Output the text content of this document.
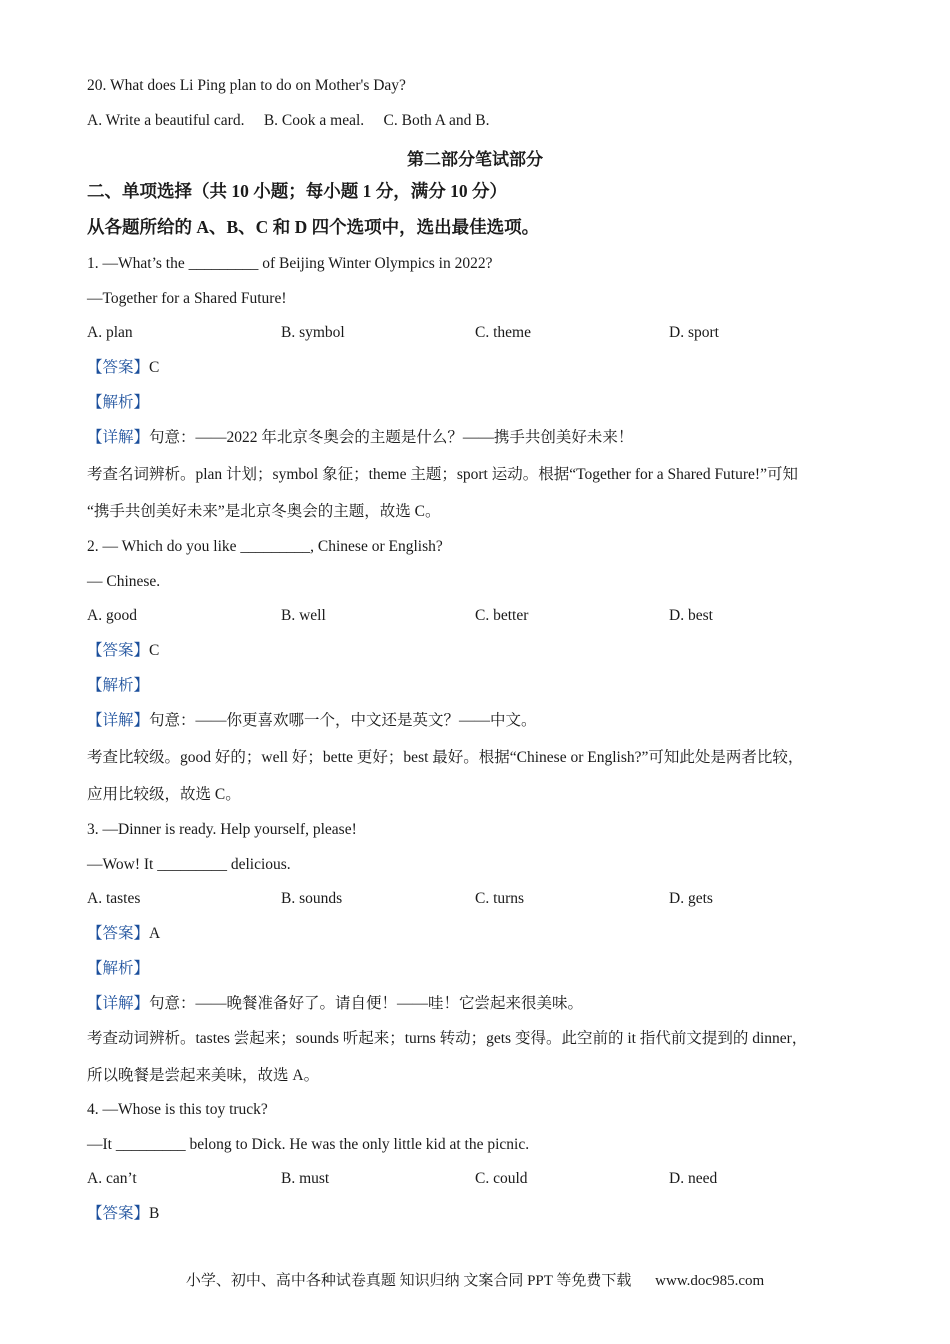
20. What does Li Ping plan to do on Mother's Day?
A. Write a beautiful card.     B. Cook a meal.     C. Both A and B.
第二部分笔试部分
二、单项选择（共 10 小题；每小题 1 分，满分 10 分）
从各题所给的 A、B、C 和 D 四个选项中，选出最佳选项。
1. —What’s the _________ of Beijing Winter Olympics in 2022?
—Together for a Shared Future!
A. plan	B. symbol	C. theme	D. sport
【答案】C
【解析】
【详解】句意：——2022 年北京冬奥会的主题是什么？——携手共创美好未来！
考查名词辨析。plan 计划；symbol 象征；theme 主题；sport 运动。根据“Together for a Shared Future!”可知
“携手共创美好未来”是北京冬奥会的主题，故选 C。
2. — Which do you like _________, Chinese or English?
— Chinese.
A. good	B. well	C. better	D. best
【答案】C
【解析】
【详解】句意：——你更喜欢哪一个，中文还是英文？——中文。
考查比较级。good 好的；well 好；bette 更好；best 最好。根据“Chinese or English?”可知此处是两者比较，
应用比较级，故选 C。
3. —Dinner is ready. Help yourself, please!
—Wow! It _________ delicious.
A. tastes	B. sounds	C. turns	D. gets
【答案】A
【解析】
【详解】句意：——晚餐准备好了。请自便！——哇！它尝起来很美味。
考查动词辨析。tastes 尝起来；sounds 听起来；turns 转动；gets 变得。此空前的 it 指代前文提到的 dinner，
所以晚餐是尝起来美味，故选 A。
4. —Whose is this toy truck?
—It _________ belong to Dick. He was the only little kid at the picnic.
A. can’t	B. must	C. could	D. need
【答案】B
小学、初中、高中各种试卷真题 知识归纳 文案合同 PPT 等免费下载 www.doc985.com
